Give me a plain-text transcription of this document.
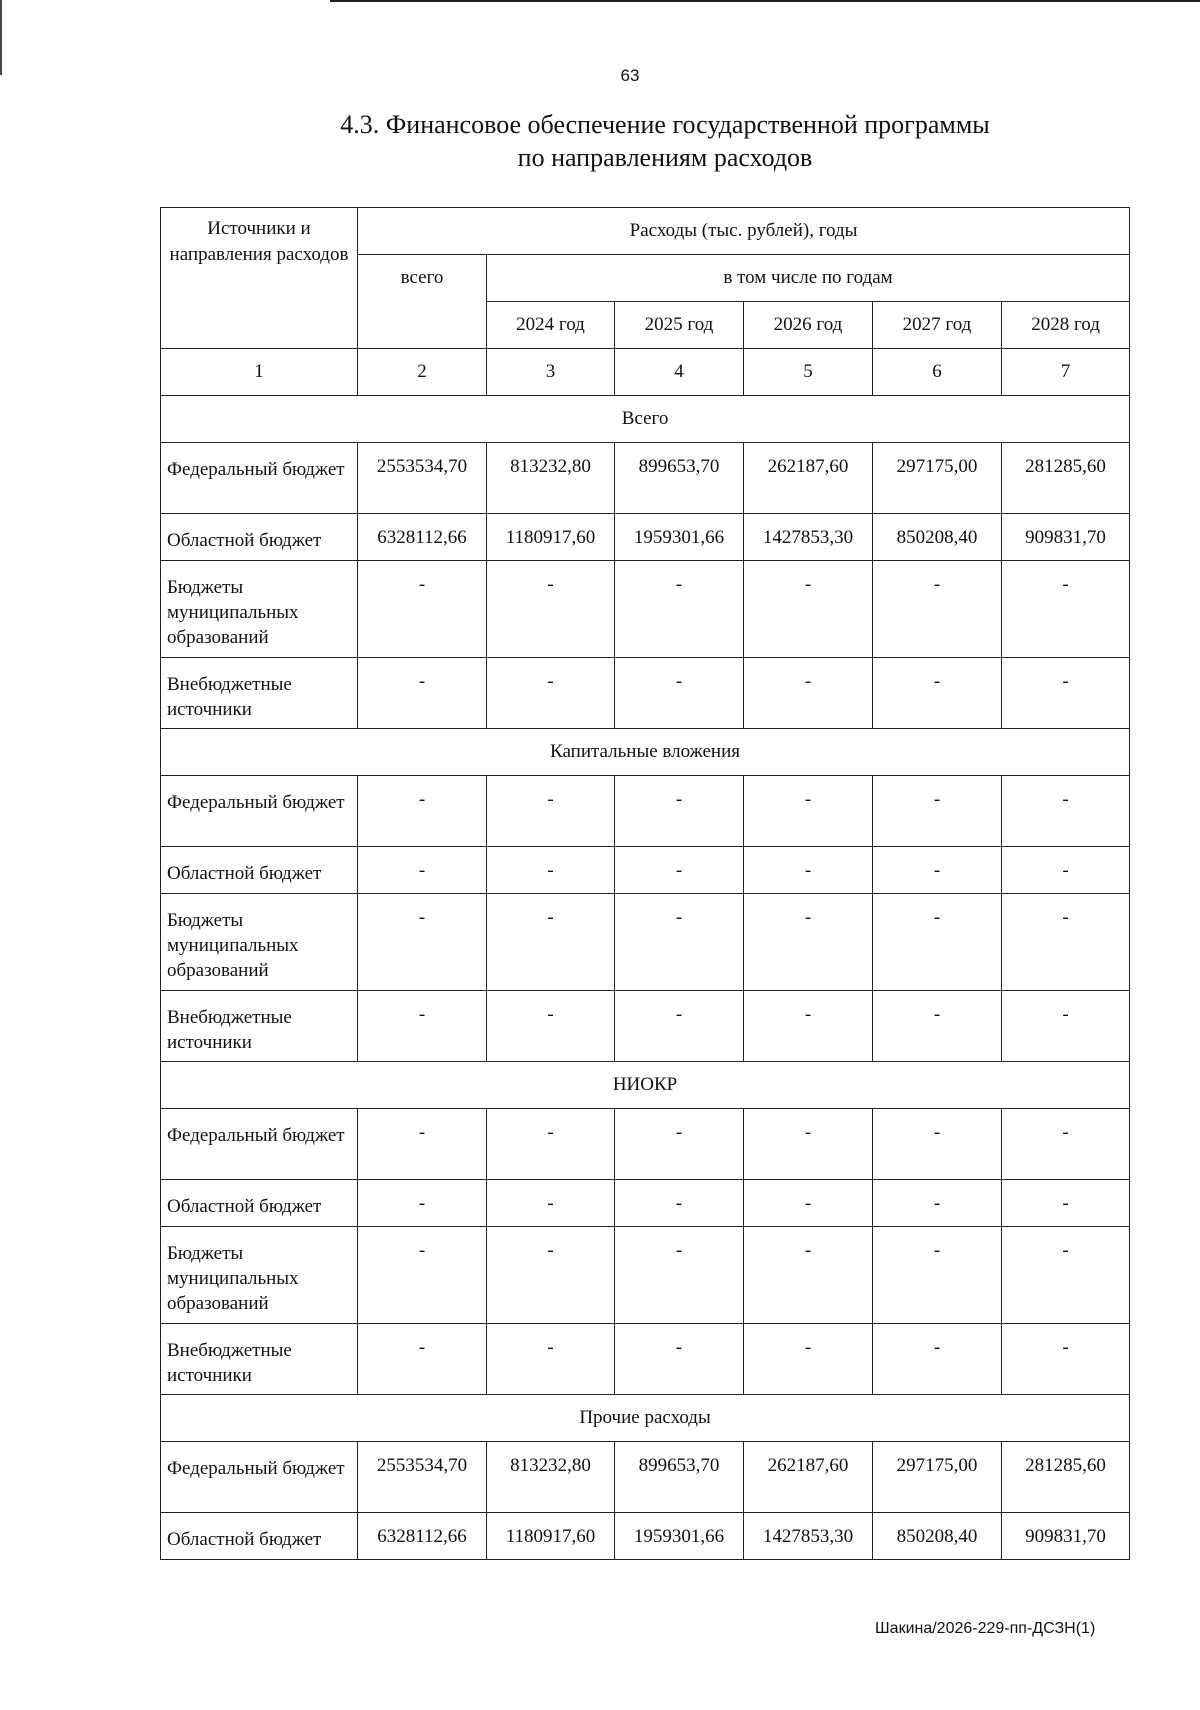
63
4.3. Финансовое обеспечение государственной программы
по направлениям расходов
Источники и направления расходов	Расходы (тыс. рублей), годы					
	всего	в том числе по годам				
		2024 год	2025 год	2026 год	2027 год	2028 год
1	2	3	4	5	6	7
Всего						
Федеральный бюджет	2553534,70	813232,80	899653,70	262187,60	297175,00	281285,60
Областной бюджет	6328112,66	1180917,60	1959301,66	1427853,30	850208,40	909831,70
Бюджеты муниципальных образований	-	-	-	-	-	-
Внебюджетные источники	-	-	-	-	-	-
Капитальные вложения						
Федеральный бюджет	-	-	-	-	-	-
Областной бюджет	-	-	-	-	-	-
Бюджеты муниципальных образований	-	-	-	-	-	-
Внебюджетные источники	-	-	-	-	-	-
НИОКР						
Федеральный бюджет	-	-	-	-	-	-
Областной бюджет	-	-	-	-	-	-
Бюджеты муниципальных образований	-	-	-	-	-	-
Внебюджетные источники	-	-	-	-	-	-
Прочие расходы						
Федеральный бюджет	2553534,70	813232,80	899653,70	262187,60	297175,00	281285,60
Областной бюджет	6328112,66	1180917,60	1959301,66	1427853,30	850208,40	909831,70
Шакина/2026-229-пп-ДСЗН(1)
